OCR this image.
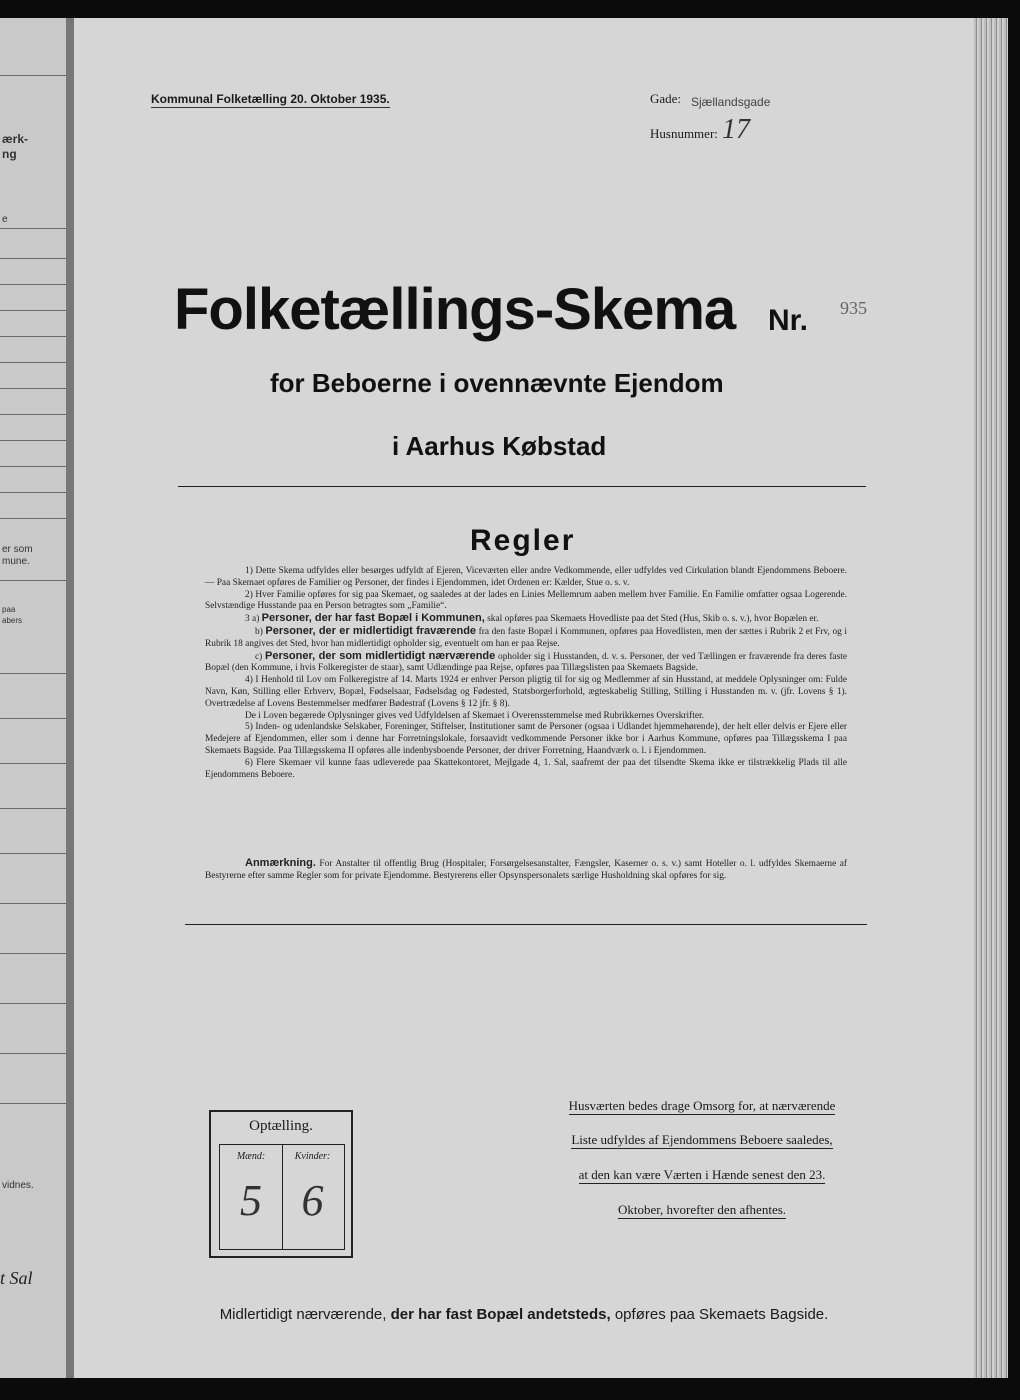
ærk-
ng
e
er som
mune.
paa
abers
vidnes.
t Sal
Kommunal Folketælling 20. Oktober 1935.	Gade: Sjællandsgade
Husnummer: 17
Folketællings-Skema Nr. 935
for Beboerne i ovennævnte Ejendom
i Aarhus Købstad
Regler

1) Dette Skema udfyldes eller besørges udfyldt af Ejeren, Viceværten eller andre Vedkommende, eller udfyldes ved Cirkulation blandt Ejendommens Beboere. — Paa Skemaet opføres de Familier og Personer, der findes i Ejendommen, idet Ordenen er: Kælder, Stue o. s. v.

2) Hver Familie opføres for sig paa Skemaet, og saaledes at der lades en Linies Mellemrum aaben mellem hver Familie. En Familie omfatter ogsaa Logerende. Selvstændige Husstande paa en Person betragtes som „Familie“.

3 a) Personer, der har fast Bopæl i Kommunen, skal opføres paa Skemaets Hovedliste paa det Sted (Hus, Skib o. s. v.), hvor Bopælen er.

b) Personer, der er midlertidigt fraværende fra den faste Bopæl i Kommunen, opføres paa Hovedlisten, men der sættes i Rubrik 2 et Frv, og i Rubrik 18 angives det Sted, hvor han midlertidigt opholder sig, eventuelt om han er paa Rejse.

c) Personer, der som midlertidigt nærværende opholder sig i Husstanden, d. v. s. Personer, der ved Tællingen er fraværende fra deres faste Bopæl (den Kommune, i hvis Folkeregister de staar), samt Udlændinge paa Rejse, opføres paa Tillægslisten paa Skemaets Bagside.

4) I Henhold til Lov om Folkeregistre af 14. Marts 1924 er enhver Person pligtig til for sig og Medlemmer af sin Husstand, at meddele Oplysninger om: Fulde Navn, Køn, Stilling eller Erhverv, Bopæl, Fødselsaar, Fødselsdag og Fødested, Statsborgerforhold, ægteskabelig Stilling, Stilling i Husstanden m. v. (jfr. Lovens § 1). Overtrædelse af Lovens Bestemmelser medfører Bødestraf (Lovens § 12 jfr. § 8).

De i Loven begærede Oplysninger gives ved Udfyldelsen af Skemaet i Overensstemmelse med Rubrikkernes Overskrifter.

5) Inden- og udenlandske Selskaber, Foreninger, Stiftelser, Institutioner samt de Personer (ogsaa i Udlandet hjemmehørende), der helt eller delvis er Ejere eller Medejere af Ejendommen, eller som i denne har Forretningslokale, forsaavidt vedkommende Personer ikke bor i Aarhus Kommune, opføres paa Tillægsskema I paa Skemaets Bagside. Paa Tillægsskema II opføres alle indenbysboende Personer, der driver Forretning, Haandværk o. l. i Ejendommen.

6) Flere Skemaer vil kunne faas udleverede paa Skattekontoret, Mejlgade 4, 1. Sal, saafremt der paa det tilsendte Skema ikke er tilstrækkelig Plads til alle Ejendommens Beboere.

Anmærkning. For Anstalter til offentlig Brug (Hospitaler, Forsørgelsesanstalter, Fængsler, Kaserner o. s. v.) samt Hoteller o. l. udfyldes Skemaerne af Bestyrerne efter samme Regler som for private Ejendomme. Bestyrerens eller Opsynspersonalets særlige Husholdning skal opføres for sig.
Optælling.
Mænd:
5
Kvinder:
6
Husværten bedes drage Omsorg for, at nærværende
Liste udfyldes af Ejendommens Beboere saaledes,
at den kan være Værten i Hænde senest den 23.
Oktober, hvorefter den afhentes.
Midlertidigt nærværende, der har fast Bopæl andetsteds, opføres paa Skemaets Bagside.
